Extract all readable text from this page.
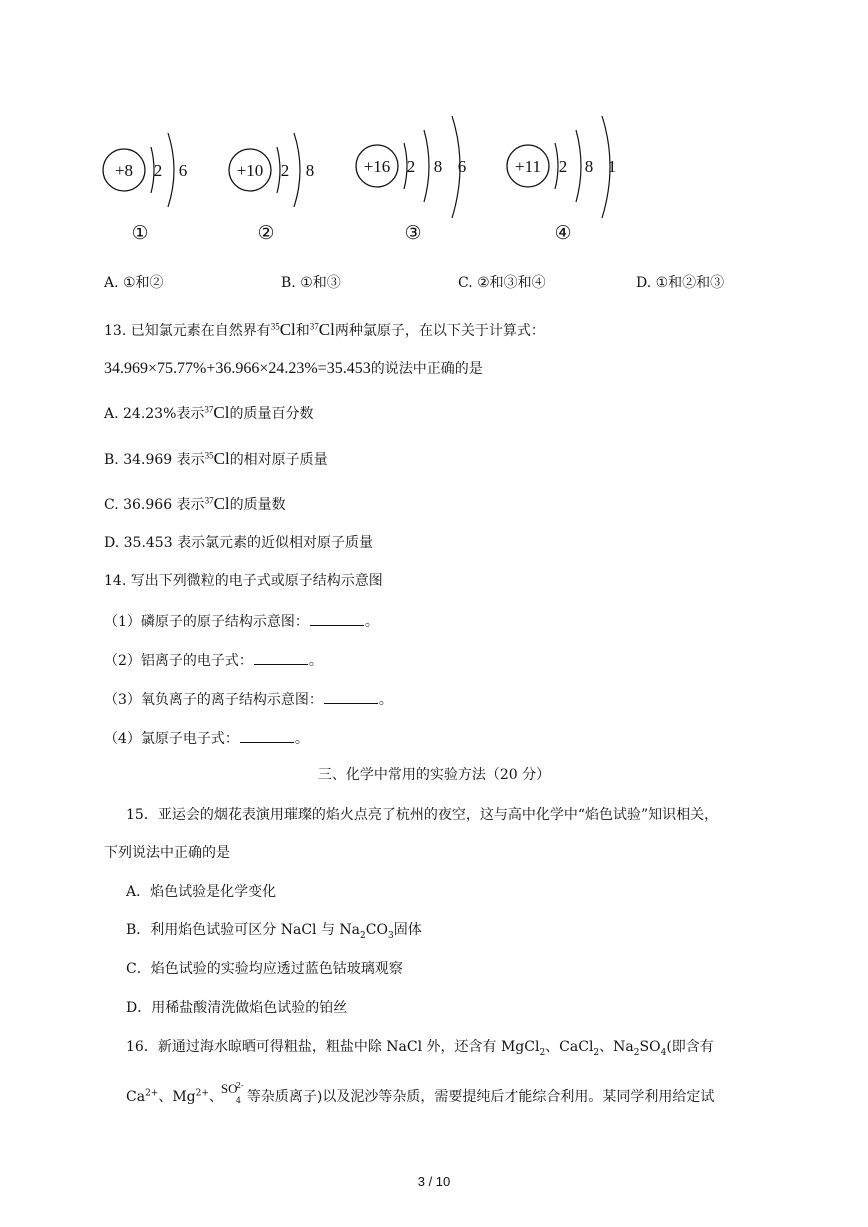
+8 2 6	+10 2 8	+16 2 8 6	+11 2 8 1
①	②	③	④
A. ①和②	B. ①和③	C. ②和③和④	D. ①和②和③
13. 已知氯元素在自然界有$^{35}$Cl和$^{37}$Cl两种氯原子，在以下关于计算式：
34.969×75.77%+36.966×24.23%=35.453的说法中正确的是
A. 24.23%表示$^{37}$Cl的质量百分数
B. 34.969 表示$^{35}$Cl的相对原子质量
C. 36.966 表示$^{37}$Cl的质量数
D. 35.453 表示氯元素的近似相对原子质量
14. 写出下列微粒的电子式或原子结构示意图
（1）磷原子的原子结构示意图：	。
（2）铝离子的电子式：	。
（3）氧负离子的离子结构示意图：	。
（4）氯原子电子式：	。
三、化学中常用的实验方法（20 分）
15．亚运会的烟花表演用璀璨的焰火点亮了杭州的夜空，这与高中化学中“焰色试验”知识相关，
下列说法中正确的是
A．焰色试验是化学变化
B．利用焰色试验可区分 NaCl 与 $Na_2CO_3$固体
C．焰色试验的实验均应透过蓝色钴玻璃观察
D．用稀盐酸清洗做焰色试验的铂丝
16．新通过海水晾晒可得粗盐，粗盐中除 NaCl 外，还含有 MgCl$_2$、CaCl$_2$、$Na_2SO_4$(即含有
$Ca^{2+}$、$Mg^{2+}$、
SO
2-
4 等杂质离子)以及泥沙等杂质，需要提纯后才能综合利用。某同学利用给定试
3 / 10
